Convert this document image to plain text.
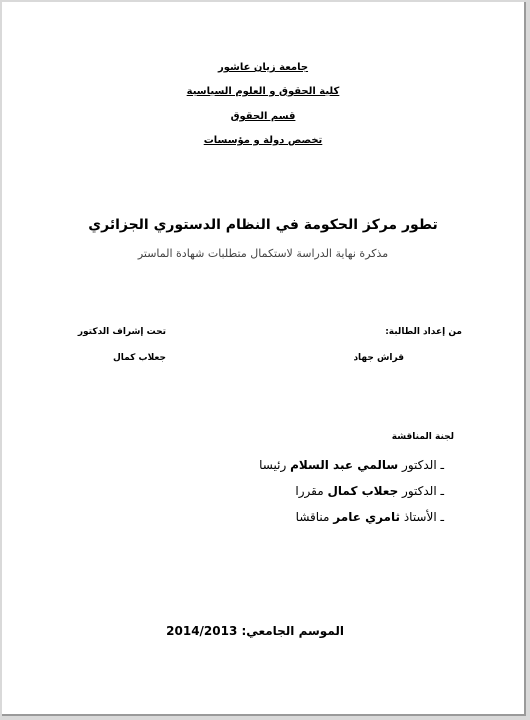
جامعة زيان عاشور
كلية الحقوق و العلوم السياسية
قسم الحقوق
تخصص دولة و مؤسسات
تطور مركز الحكومة في النظام الدستوري الجزائري
مذكرة نهاية الدراسة لاستكمال متطلبات شهادة الماستر
من إعداد الطالبة:
قراش جهاد
تحت إشراف الدكتور
جعلاب كمال
لجنة المناقشة
ـ الدكتور سالمي عبد السلام رئيسا
ـ الدكتور جعلاب كمال مقررا
ـ الأستاذ ثامري عامر مناقشا
الموسم الجامعي: 2014/2013
